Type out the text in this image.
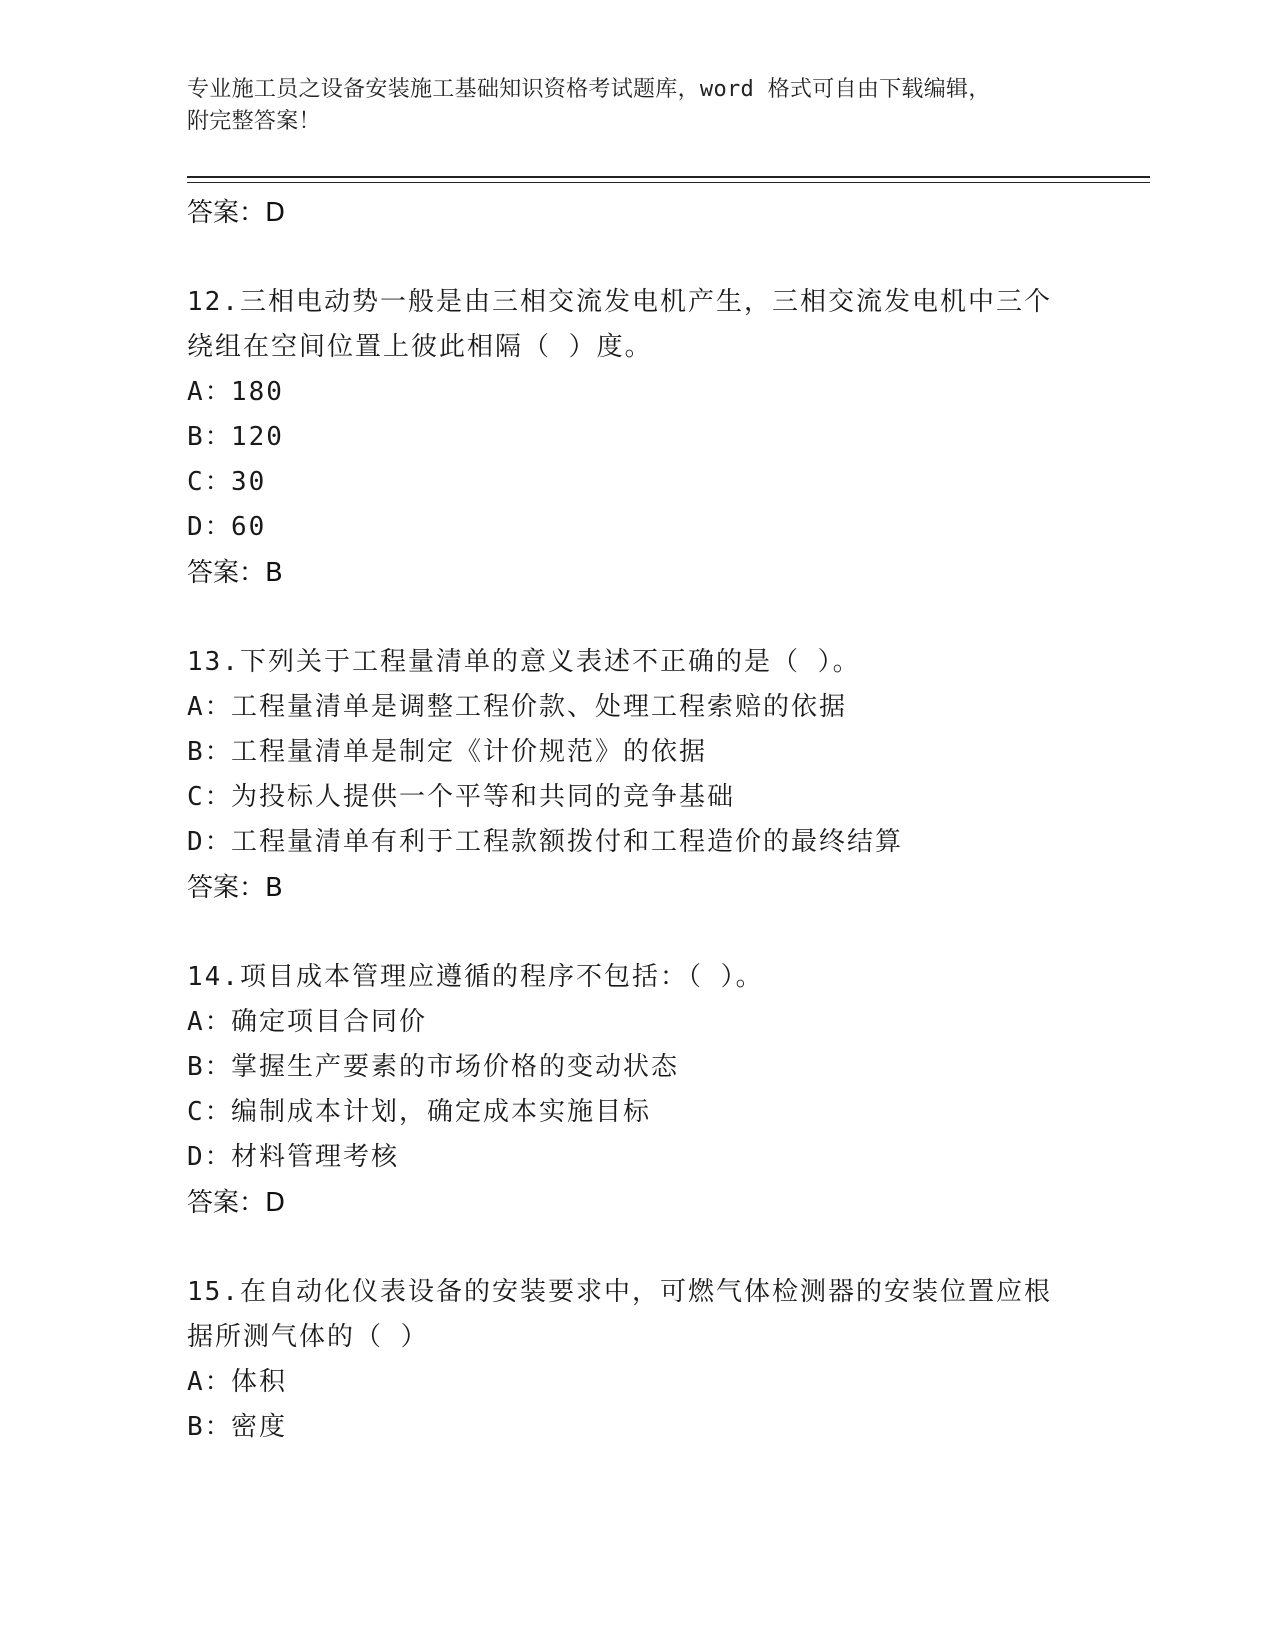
专业施工员之设备安装施工基础知识资格考试题库，word 格式可自由下载编辑，
附完整答案！
答案：D
12.三相电动势一般是由三相交流发电机产生，三相交流发电机中三个
绕组在空间位置上彼此相隔（ ）度。
A：180
B：120
C：30
D：60
答案：B
13.下列关于工程量清单的意义表述不正确的是（ ）。
A：工程量清单是调整工程价款、处理工程索赔的依据
B：工程量清单是制定《计价规范》的依据
C：为投标人提供一个平等和共同的竞争基础
D：工程量清单有利于工程款额拨付和工程造价的最终结算
答案：B
14.项目成本管理应遵循的程序不包括：（ ）。
A：确定项目合同价
B：掌握生产要素的市场价格的变动状态
C：编制成本计划，确定成本实施目标
D：材料管理考核
答案：D
15.在自动化仪表设备的安装要求中，可燃气体检测器的安装位置应根
据所测气体的（ ）
A：体积
B：密度
